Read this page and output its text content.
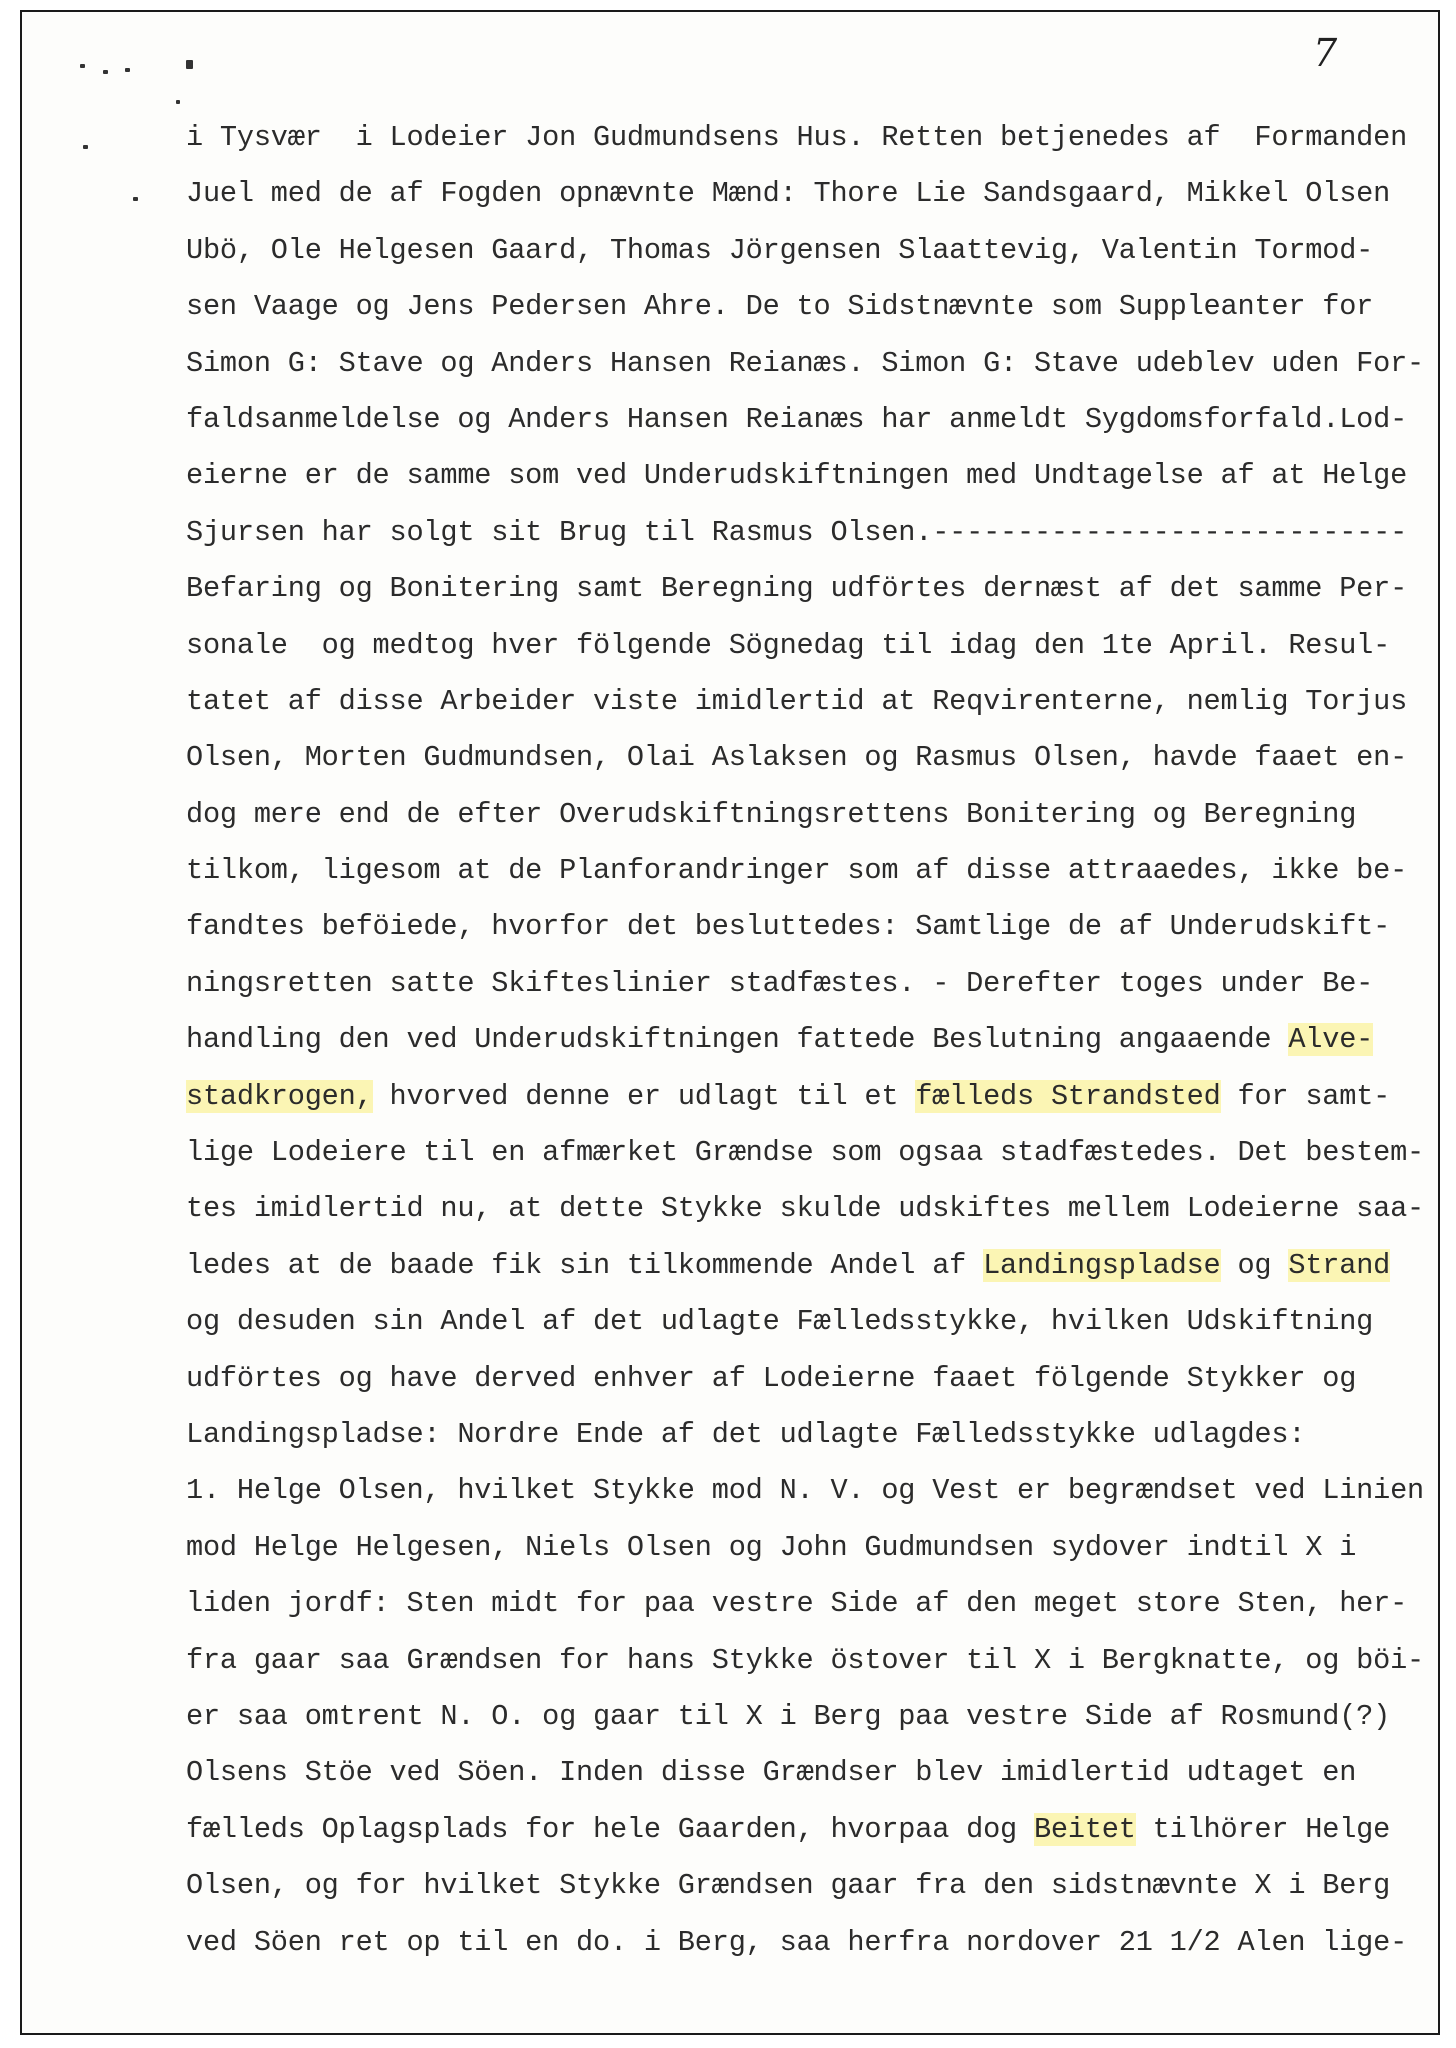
7
i Tysvær  i Lodeier Jon Gudmundsens Hus. Retten betjenedes af  Formanden
Juel med de af Fogden opnævnte Mænd: Thore Lie Sandsgaard, Mikkel Olsen
Ubö, Ole Helgesen Gaard, Thomas Jörgensen Slaattevig, Valentin Tormod-
sen Vaage og Jens Pedersen Ahre. De to Sidstnævnte som Suppleanter for
Simon G: Stave og Anders Hansen Reianæs. Simon G: Stave udeblev uden For-
faldsanmeldelse og Anders Hansen Reianæs har anmeldt Sygdomsforfald.Lod-
eierne er de samme som ved Underudskiftningen med Undtagelse af at Helge
Sjursen har solgt sit Brug til Rasmus Olsen.----------------------------
Befaring og Bonitering samt Beregning udförtes dernæst af det samme Per-
sonale  og medtog hver fölgende Sögnedag til idag den 1te April. Resul-
tatet af disse Arbeider viste imidlertid at Reqvirenterne, nemlig Torjus
Olsen, Morten Gudmundsen, Olai Aslaksen og Rasmus Olsen, havde faaet en-
dog mere end de efter Overudskiftningsrettens Bonitering og Beregning
tilkom, ligesom at de Planforandringer som af disse attraaedes, ikke be-
fandtes beföiede, hvorfor det besluttedes: Samtlige de af Underudskift-
ningsretten satte Skifteslinier stadfæstes. - Derefter toges under Be-
handling den ved Underudskiftningen fattede Beslutning angaaende Alve-
stadkrogen, hvorved denne er udlagt til et fælleds Strandsted for samt-
lige Lodeiere til en afmærket Grændse som ogsaa stadfæstedes. Det bestem-
tes imidlertid nu, at dette Stykke skulde udskiftes mellem Lodeierne saa-
ledes at de baade fik sin tilkommende Andel af Landingspladse og Strand
og desuden sin Andel af det udlagte Fælledsstykke, hvilken Udskiftning
udförtes og have derved enhver af Lodeierne faaet fölgende Stykker og
Landingspladse: Nordre Ende af det udlagte Fælledsstykke udlagdes:
1. Helge Olsen, hvilket Stykke mod N. V. og Vest er begrændset ved Linien
mod Helge Helgesen, Niels Olsen og John Gudmundsen sydover indtil X i
liden jordf: Sten midt for paa vestre Side af den meget store Sten, her-
fra gaar saa Grændsen for hans Stykke östover til X i Bergknatte, og böi-
er saa omtrent N. O. og gaar til X i Berg paa vestre Side af Rosmund(?)
Olsens Stöe ved Söen. Inden disse Grændser blev imidlertid udtaget en
fælleds Oplagsplads for hele Gaarden, hvorpaa dog Beitet tilhörer Helge
Olsen, og for hvilket Stykke Grændsen gaar fra den sidstnævnte X i Berg
ved Söen ret op til en do. i Berg, saa herfra nordover 21 1/2 Alen lige-
